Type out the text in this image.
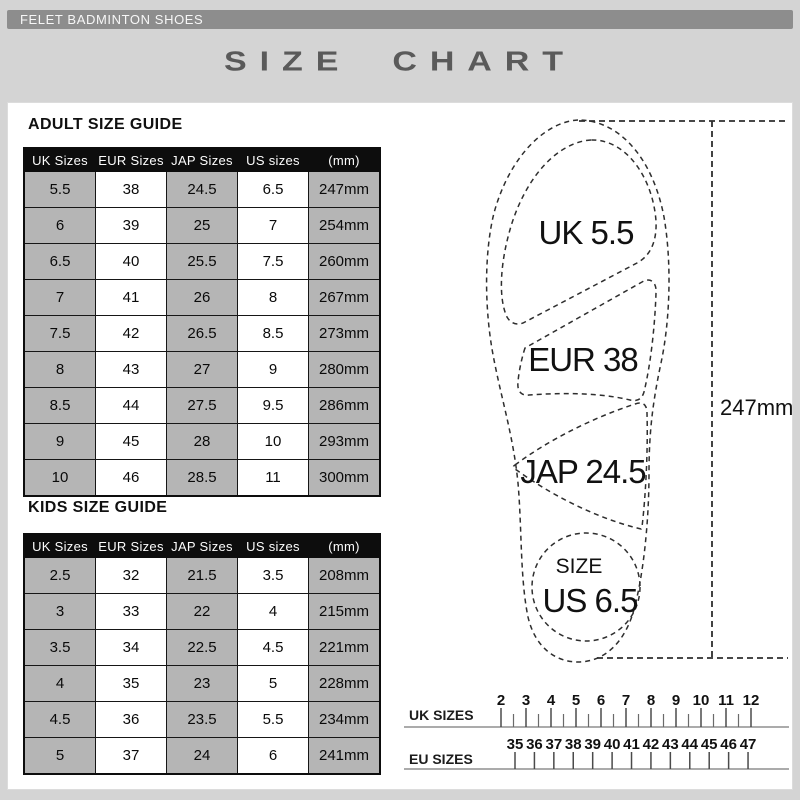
FELET BADMINTON SHOES
SIZE CHART
ADULT SIZE GUIDE
UK Sizes	EUR Sizes	JAP Sizes	US sizes	(mm)
5.5	38	24.5	6.5	247mm
6	39	25	7	254mm
6.5	40	25.5	7.5	260mm
7	41	26	8	267mm
7.5	42	26.5	8.5	273mm
8	43	27	9	280mm
8.5	44	27.5	9.5	286mm
9	45	28	10	293mm
10	46	28.5	11	300mm
KIDS SIZE GUIDE
UK Sizes	EUR Sizes	JAP Sizes	US sizes	(mm)
2.5	32	21.5	3.5	208mm
3	33	22	4	215mm
3.5	34	22.5	4.5	221mm
4	35	23	5	228mm
4.5	36	23.5	5.5	234mm
5	37	24	6	241mm
UK 5.5
EUR 38
JAP 24.5
SIZE
US 6.5
247mm
UK SIZES
2 3 4 5 6 7 8 9 10 11 12
EU SIZES
35 36 37 38 39 40 41 42 43 44 45 46 47
